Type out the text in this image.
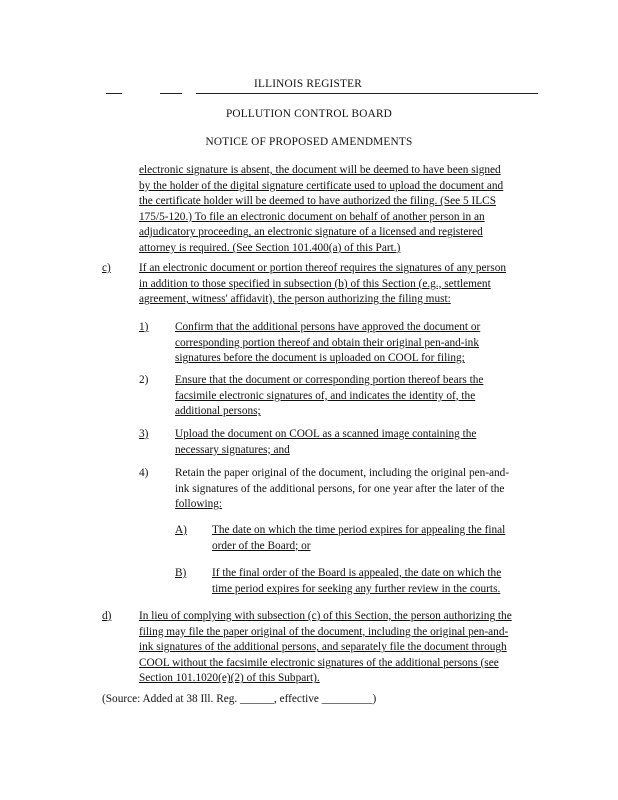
ILLINOIS REGISTER
POLLUTION CONTROL BOARD
NOTICE OF PROPOSED AMENDMENTS
electronic signature is absent, the document will be deemed to have been signed
by the holder of the digital signature certificate used to upload the document and
the certificate holder will be deemed to have authorized the filing. (See 5 ILCS
175/5-120.) To file an electronic document on behalf of another person in an
adjudicatory proceeding, an electronic signature of a licensed and registered
attorney is required. (See Section 101.400(a) of this Part.)
c) If an electronic document or portion thereof requires the signatures of any person
in addition to those specified in subsection (b) of this Section (e.g., settlement
agreement, witness' affidavit), the person authorizing the filing must:
1) Confirm that the additional persons have approved the document or
corresponding portion thereof and obtain their original pen-and-ink
signatures before the document is uploaded on COOL for filing;
2) Ensure that the document or corresponding portion thereof bears the
facsimile electronic signatures of, and indicates the identity of, the
additional persons;
3) Upload the document on COOL as a scanned image containing the
necessary signatures; and
4) Retain the paper original of the document, including the original pen-and-
ink signatures of the additional persons, for one year after the later of the
following:
A) The date on which the time period expires for appealing the final
order of the Board; or
B) If the final order of the Board is appealed, the date on which the
time period expires for seeking any further review in the courts.
d) In lieu of complying with subsection (c) of this Section, the person authorizing the
filing may file the paper original of the document, including the original pen-and-
ink signatures of the additional persons, and separately file the document through
COOL without the facsimile electronic signatures of the additional persons (see
Section 101.1020(e)(2) of this Subpart).
(Source: Added at 38 Ill. Reg. ______, effective _________)
